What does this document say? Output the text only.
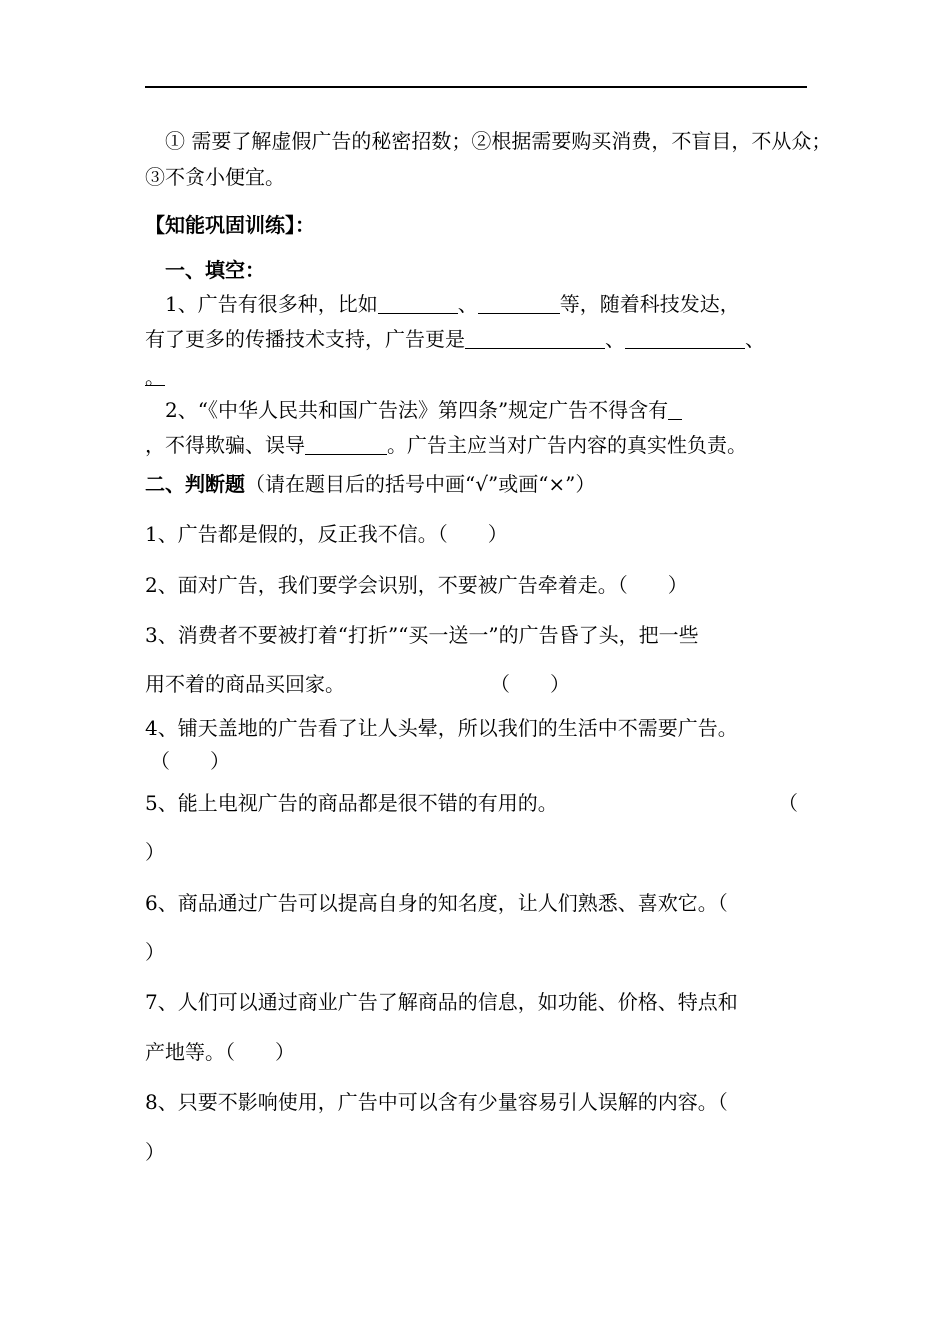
① 需要了解虚假广告的秘密招数；②根据需要购买消费，不盲目，不从众；
③不贪小便宜。
【知能巩固训练】：
一、填空：
1、广告有很多种，比如	、	等，随着科技发达，
有了更多的传播技术支持，广告更是	、	、
。
2、“《中华人民共和国广告法》第四条”规定广告不得含有
，不得欺骗、误导	。广告主应当对广告内容的真实性负责。
二、判断题（请在题目后的括号中画“√”或画“×”）
1、广告都是假的，反正我不信。（　　）
2、面对广告，我们要学会识别，不要被广告牵着走。（　　）
3、消费者不要被打着“打折”“买一送一”的广告昏了头，把一些
用不着的商品买回家。	（　　）
4、铺天盖地的广告看了让人头晕，所以我们的生活中不需要广告。
（　　）
5、能上电视广告的商品都是很不错的有用的。	（
）
6、商品通过广告可以提高自身的知名度，让人们熟悉、喜欢它。（
）
7、人们可以通过商业广告了解商品的信息，如功能、价格、特点和
产地等。（　　）
8、只要不影响使用，广告中可以含有少量容易引人误解的内容。（
）
